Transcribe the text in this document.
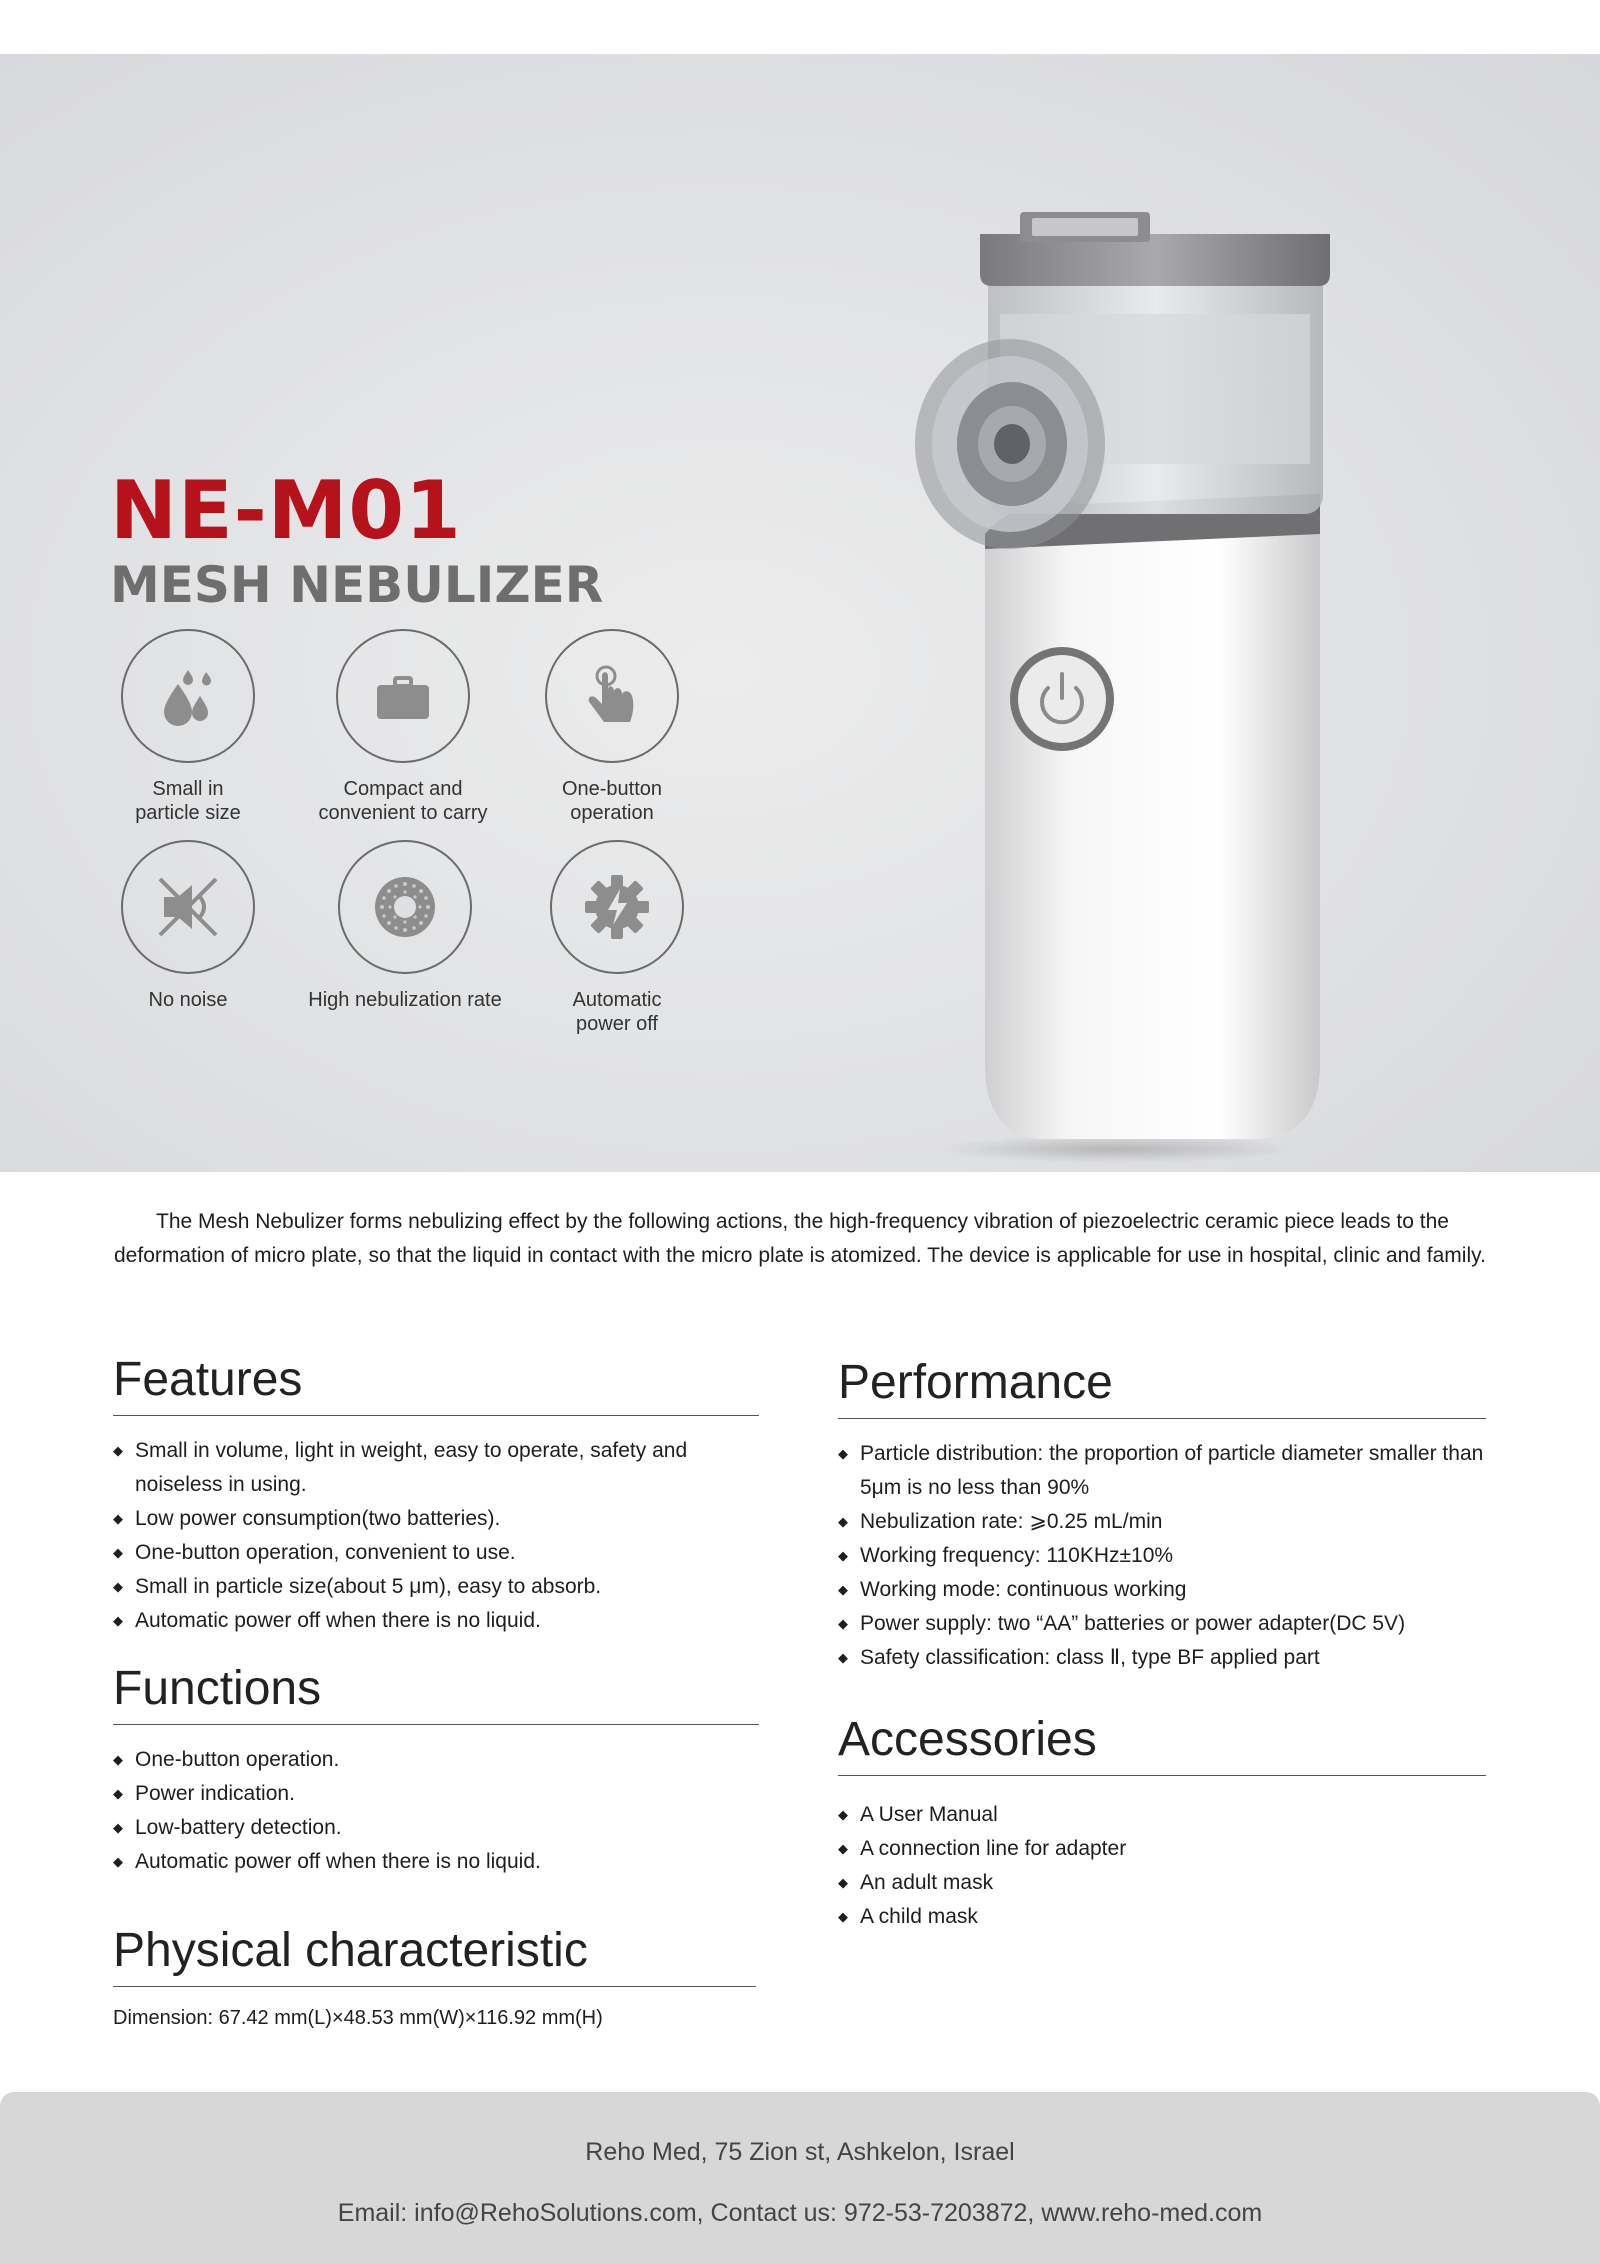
NE-M01
MESH NEBULIZER
Small in
particle size
Compact and
convenient to carry
One-button
operation
No noise	High nebulization rate	Automatic
power off

The Mesh Nebulizer forms nebulizing effect by the following actions, the high-frequency vibration of piezoelectric ceramic piece leads to the deformation of micro plate, so that the liquid in contact with the micro plate is atomized. The device is applicable for use in hospital, clinic and family.

Features
◆ Small in volume, light in weight, easy to operate, safety and noiseless in using.
◆ Low power consumption(two batteries).
◆ One-button operation, convenient to use.
◆ Small in particle size(about 5 μm), easy to absorb.
◆ Automatic power off when there is no liquid.
Functions
◆ One-button operation.
◆ Power indication.
◆ Low-battery detection.
◆ Automatic power off when there is no liquid.
Physical characteristic

Dimension: 67.42 mm(L)×48.53 mm(W)×116.92 mm(H)

Performance
◆ Particle distribution: the proportion of particle diameter smaller than 5μm is no less than 90%
◆ Nebulization rate: ⩾0.25 mL/min
◆ Working frequency: 110KHz±10%
◆ Working mode: continuous working
◆ Power supply: two “AA” batteries or power adapter(DC 5V)
◆ Safety classification: class Ⅱ, type BF applied part
Accessories
◆ A User Manual
◆ A connection line for adapter
◆ An adult mask
◆ A child mask

Reho Med, 75 Zion st, Ashkelon, Israel

Email: info@RehoSolutions.com, Contact us: 972-53-7203872, www.reho-med.com
